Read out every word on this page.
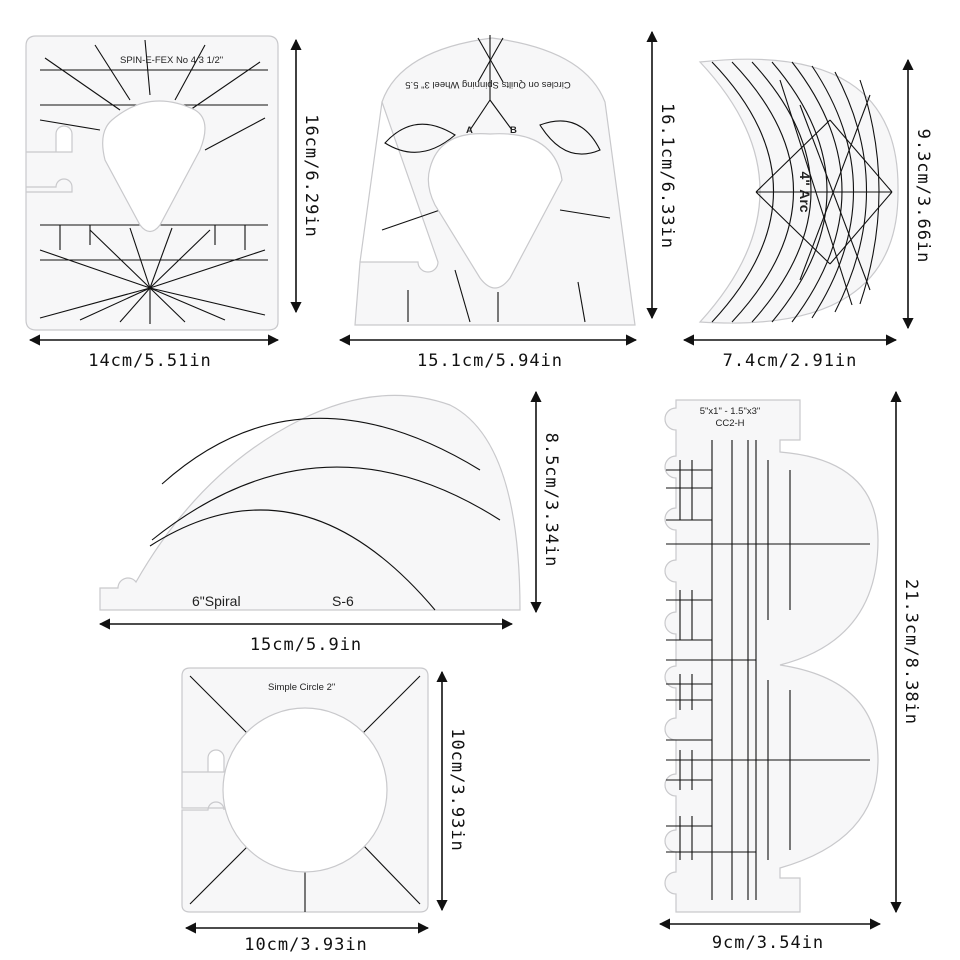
SPIN-E-FEX No 4 3 1/2"
14cm/5.51in
16cm/6.29in
Circles on Quilts Spinning Wheel 3" 5.5
A	B
15.1cm/5.94in
16.1cm/6.33in	4" Arc
7.4cm/2.91in
9.3cm/3.66in
6"Spiral	S-6
15cm/5.9in
8.5cm/3.34in
Simple Circle 2"
10cm/3.93in
10cm/3.93in
5"x1" - 1.5"x3"
CC2-H
9cm/3.54in
21.3cm/8.38in
